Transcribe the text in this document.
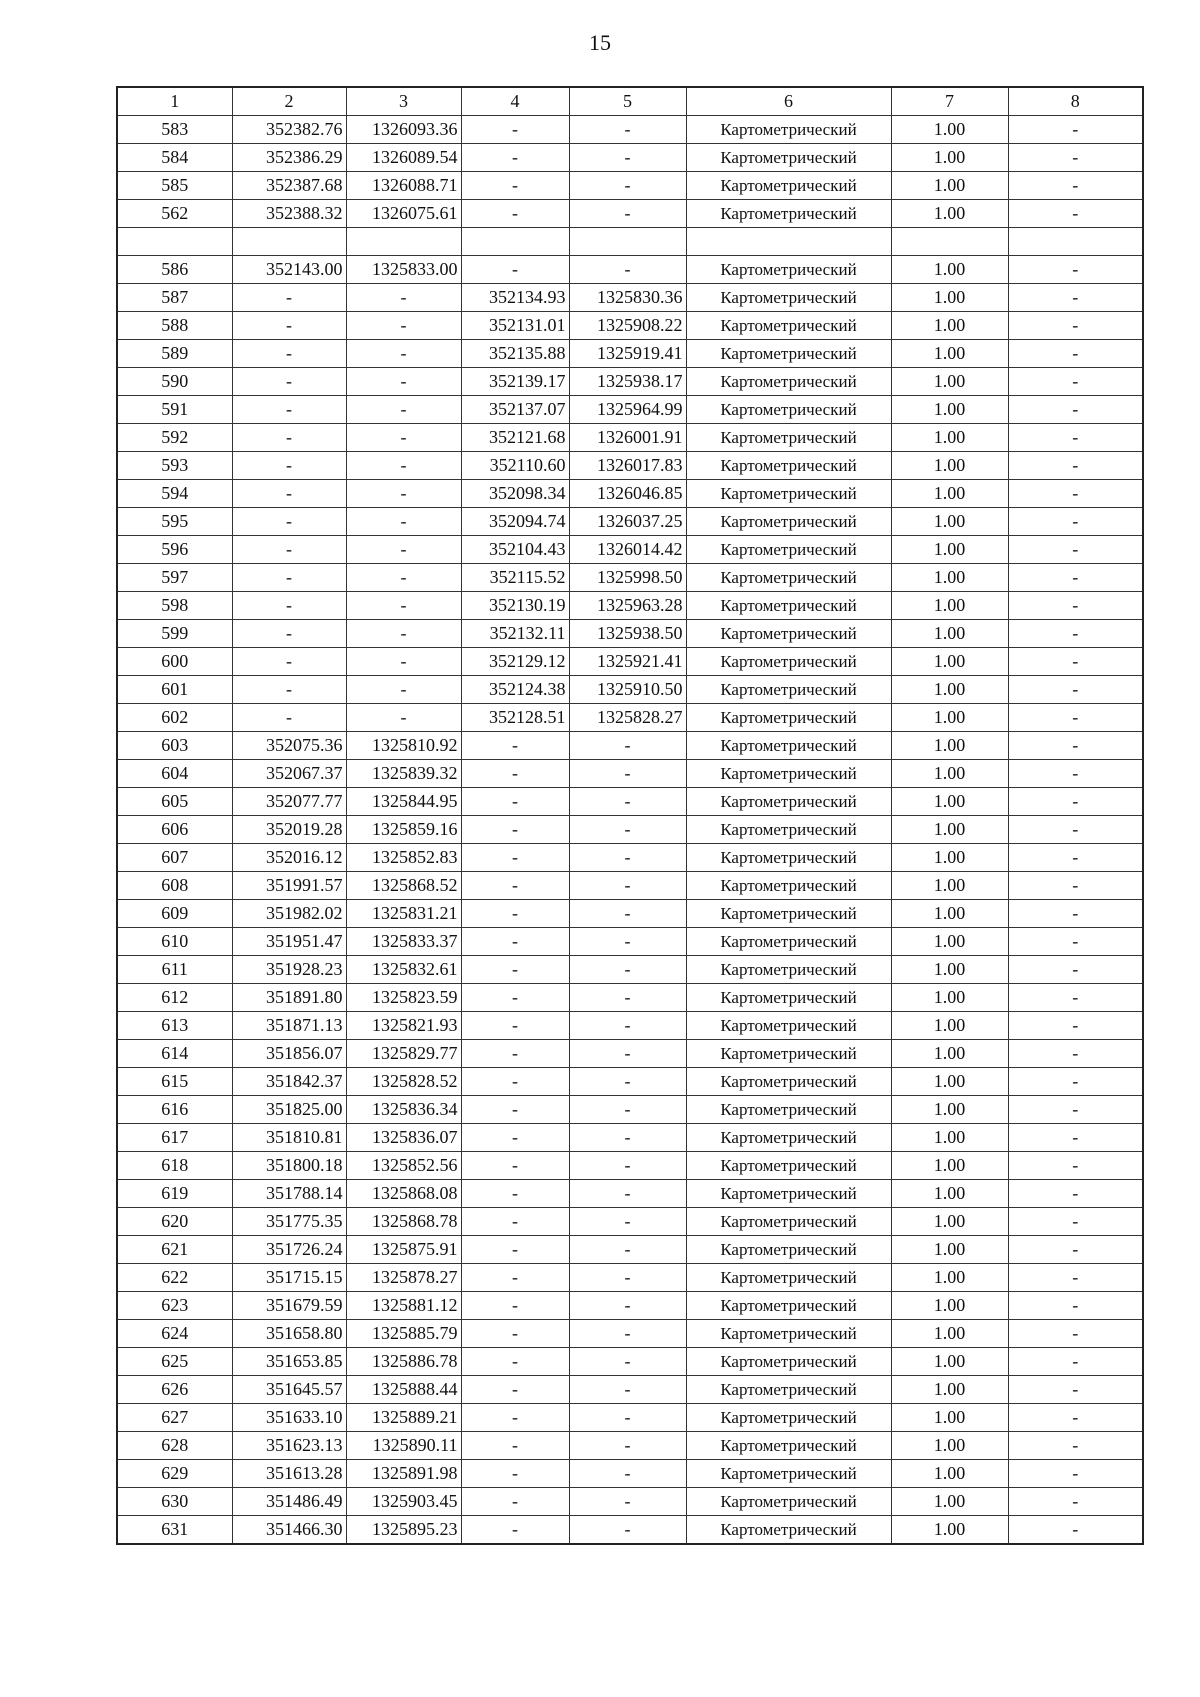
15
1	2	3	4	5	6	7	8
583	352382.76	1326093.36	-	-	Картометрический	1.00	-
584	352386.29	1326089.54	-	-	Картометрический	1.00	-
585	352387.68	1326088.71	-	-	Картометрический	1.00	-
562	352388.32	1326075.61	-	-	Картометрический	1.00	-

586	352143.00	1325833.00	-	-	Картометрический	1.00	-
587	-	-	352134.93	1325830.36	Картометрический	1.00	-
588	-	-	352131.01	1325908.22	Картометрический	1.00	-
589	-	-	352135.88	1325919.41	Картометрический	1.00	-
590	-	-	352139.17	1325938.17	Картометрический	1.00	-
591	-	-	352137.07	1325964.99	Картометрический	1.00	-
592	-	-	352121.68	1326001.91	Картометрический	1.00	-
593	-	-	352110.60	1326017.83	Картометрический	1.00	-
594	-	-	352098.34	1326046.85	Картометрический	1.00	-
595	-	-	352094.74	1326037.25	Картометрический	1.00	-
596	-	-	352104.43	1326014.42	Картометрический	1.00	-
597	-	-	352115.52	1325998.50	Картометрический	1.00	-
598	-	-	352130.19	1325963.28	Картометрический	1.00	-
599	-	-	352132.11	1325938.50	Картометрический	1.00	-
600	-	-	352129.12	1325921.41	Картометрический	1.00	-
601	-	-	352124.38	1325910.50	Картометрический	1.00	-
602	-	-	352128.51	1325828.27	Картометрический	1.00	-
603	352075.36	1325810.92	-	-	Картометрический	1.00	-
604	352067.37	1325839.32	-	-	Картометрический	1.00	-
605	352077.77	1325844.95	-	-	Картометрический	1.00	-
606	352019.28	1325859.16	-	-	Картометрический	1.00	-
607	352016.12	1325852.83	-	-	Картометрический	1.00	-
608	351991.57	1325868.52	-	-	Картометрический	1.00	-
609	351982.02	1325831.21	-	-	Картометрический	1.00	-
610	351951.47	1325833.37	-	-	Картометрический	1.00	-
611	351928.23	1325832.61	-	-	Картометрический	1.00	-
612	351891.80	1325823.59	-	-	Картометрический	1.00	-
613	351871.13	1325821.93	-	-	Картометрический	1.00	-
614	351856.07	1325829.77	-	-	Картометрический	1.00	-
615	351842.37	1325828.52	-	-	Картометрический	1.00	-
616	351825.00	1325836.34	-	-	Картометрический	1.00	-
617	351810.81	1325836.07	-	-	Картометрический	1.00	-
618	351800.18	1325852.56	-	-	Картометрический	1.00	-
619	351788.14	1325868.08	-	-	Картометрический	1.00	-
620	351775.35	1325868.78	-	-	Картометрический	1.00	-
621	351726.24	1325875.91	-	-	Картометрический	1.00	-
622	351715.15	1325878.27	-	-	Картометрический	1.00	-
623	351679.59	1325881.12	-	-	Картометрический	1.00	-
624	351658.80	1325885.79	-	-	Картометрический	1.00	-
625	351653.85	1325886.78	-	-	Картометрический	1.00	-
626	351645.57	1325888.44	-	-	Картометрический	1.00	-
627	351633.10	1325889.21	-	-	Картометрический	1.00	-
628	351623.13	1325890.11	-	-	Картометрический	1.00	-
629	351613.28	1325891.98	-	-	Картометрический	1.00	-
630	351486.49	1325903.45	-	-	Картометрический	1.00	-
631	351466.30	1325895.23	-	-	Картометрический	1.00	-
